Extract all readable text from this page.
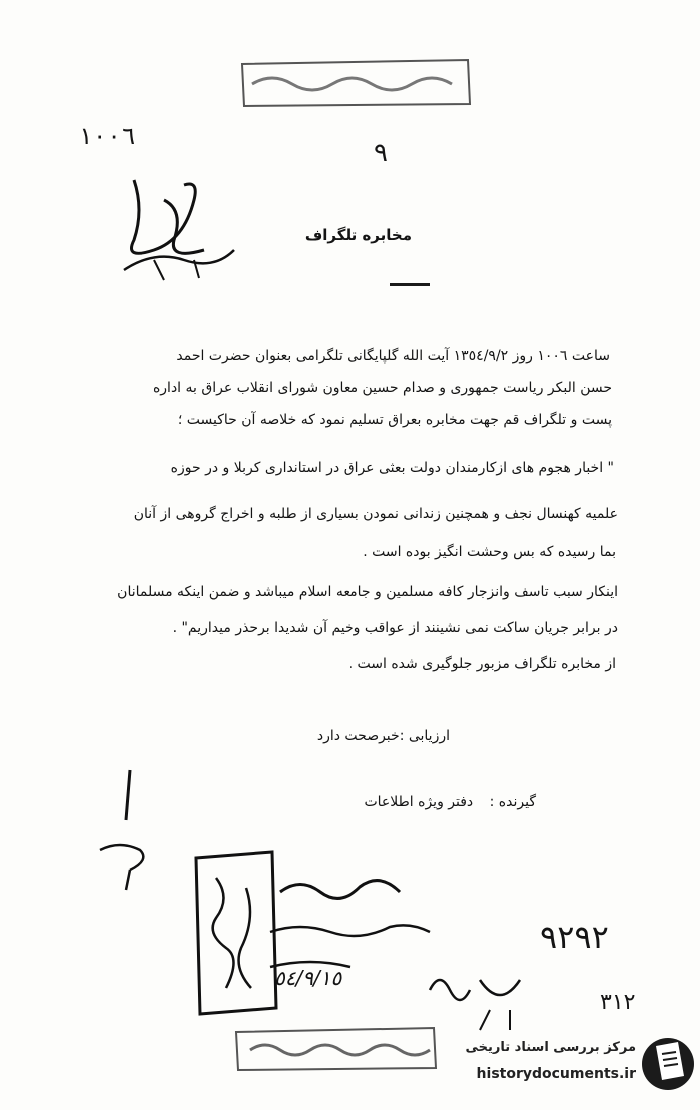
١٠٠٦
٩
مخابره تلگراف
ساعت ١٠٠٦ روز ١٣٥٤/٩/٢ آیت الله گلپایگانی تلگرامی بعنوان حضرت احمد
حسن البکر ریاست جمهوری و صدام حسین معاون شورای انقلاب عراق به اداره
پست و تلگراف قم جهت مخابره بعراق تسلیم نمود که خلاصه آن حاکیست ؛
" اخبار هجوم های ازکارمندان دولت بعثی عراق در استانداری کربلا و در حوزه
علمیه کهنسال نجف و همچنین زندانی نمودن بسیاری از طلبه و اخراج گروهی از آنان
بما رسیده که بس وحشت انگیز بوده است .
اینکار سبب تاسف وانزجار کافه مسلمین و جامعه اسلام میباشد و ضمن اینکه مسلمانان
در برابر جریان ساکت نمی نشینند از عواقب وخیم آن شدیدا برحذر میداریم" .
از مخابره تلگراف مزبور جلوگیری شده است .
ارزیابی :خبرصحت دارد
گیرنده : دفتر ویژه اطلاعات
٥٤/٩/١٥
٩٢٩٢
٣١٢
مرکز بررسی اسناد تاریخی
historydocuments.ir
